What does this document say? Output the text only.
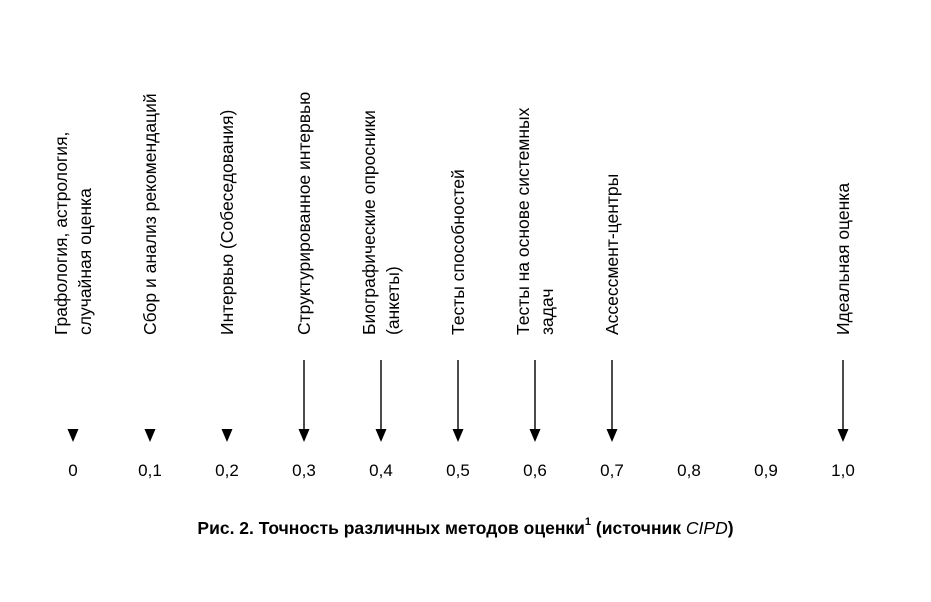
Графология, астрология, случайная оценка	Сбор и анализ рекомендаций	Интервью (Собеседования)	Структурированное интервью	Биографические опросники (анкеты)	Тесты способностей	Тесты на основе системных задач	Ассессмент-центры	Идеальная оценка
0	0,1	0,2	0,3	0,4	0,5	0,6	0,7	0,8	0,9	1,0
Рис. 2. Точность различных методов оценки$^1$ (источник CIPD)
